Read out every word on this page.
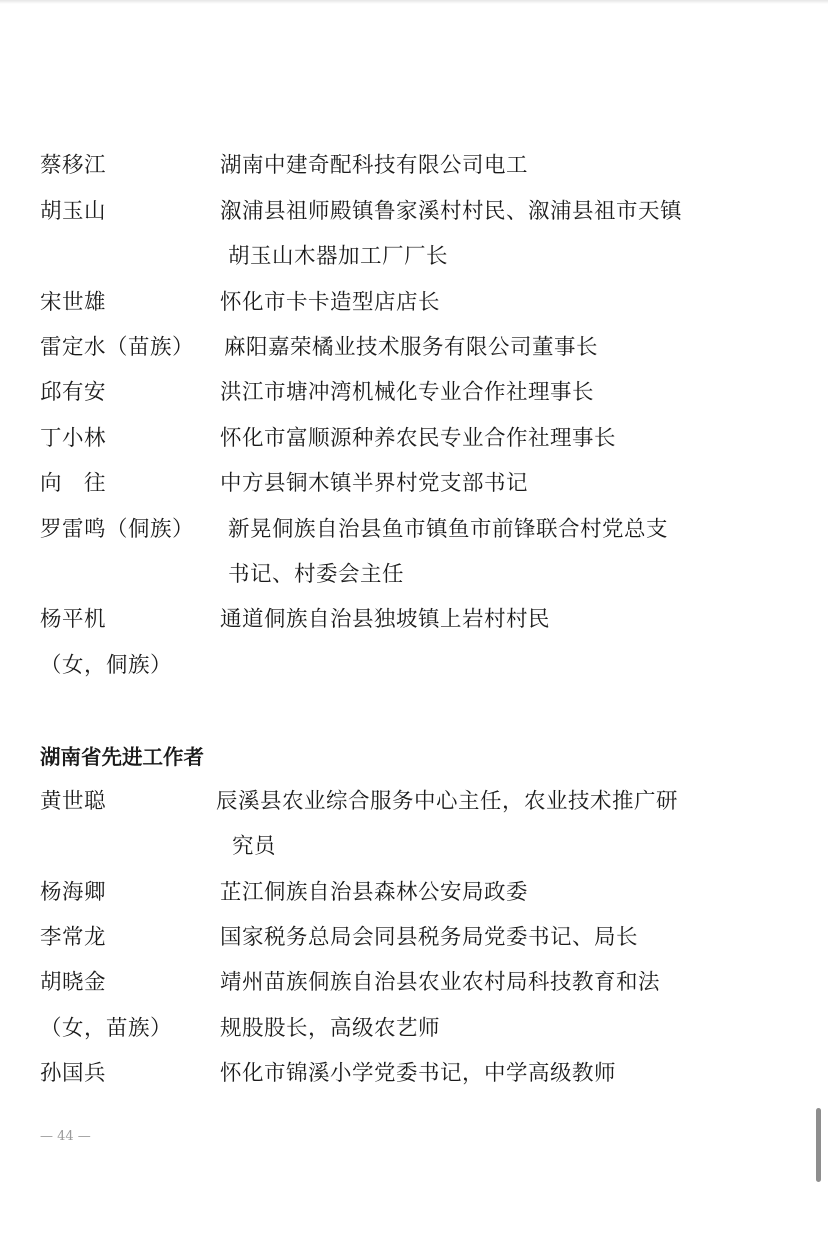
蔡移江	湖南中建奇配科技有限公司电工
胡玉山	溆浦县祖师殿镇鲁家溪村村民、溆浦县祖市天镇
胡玉山木器加工厂厂长
宋世雄	怀化市卡卡造型店店长
雷定水（苗族） 麻阳嘉荣橘业技术服务有限公司董事长
邱有安	洪江市塘冲湾机械化专业合作社理事长
丁小林	怀化市富顺源种养农民专业合作社理事长
向　往	中方县铜木镇半界村党支部书记
罗雷鸣（侗族） 新晃侗族自治县鱼市镇鱼市前锋联合村党总支
书记、村委会主任
杨平机	通道侗族自治县独坡镇上岩村村民
（女，侗族）
湖南省先进工作者
黄世聪	辰溪县农业综合服务中心主任，农业技术推广研
究员
杨海卿	芷江侗族自治县森林公安局政委
李常龙	国家税务总局会同县税务局党委书记、局长
胡晓金	靖州苗族侗族自治县农业农村局科技教育和法
（女，苗族） 规股股长，高级农艺师
孙国兵	怀化市锦溪小学党委书记，中学高级教师
— 44 —
